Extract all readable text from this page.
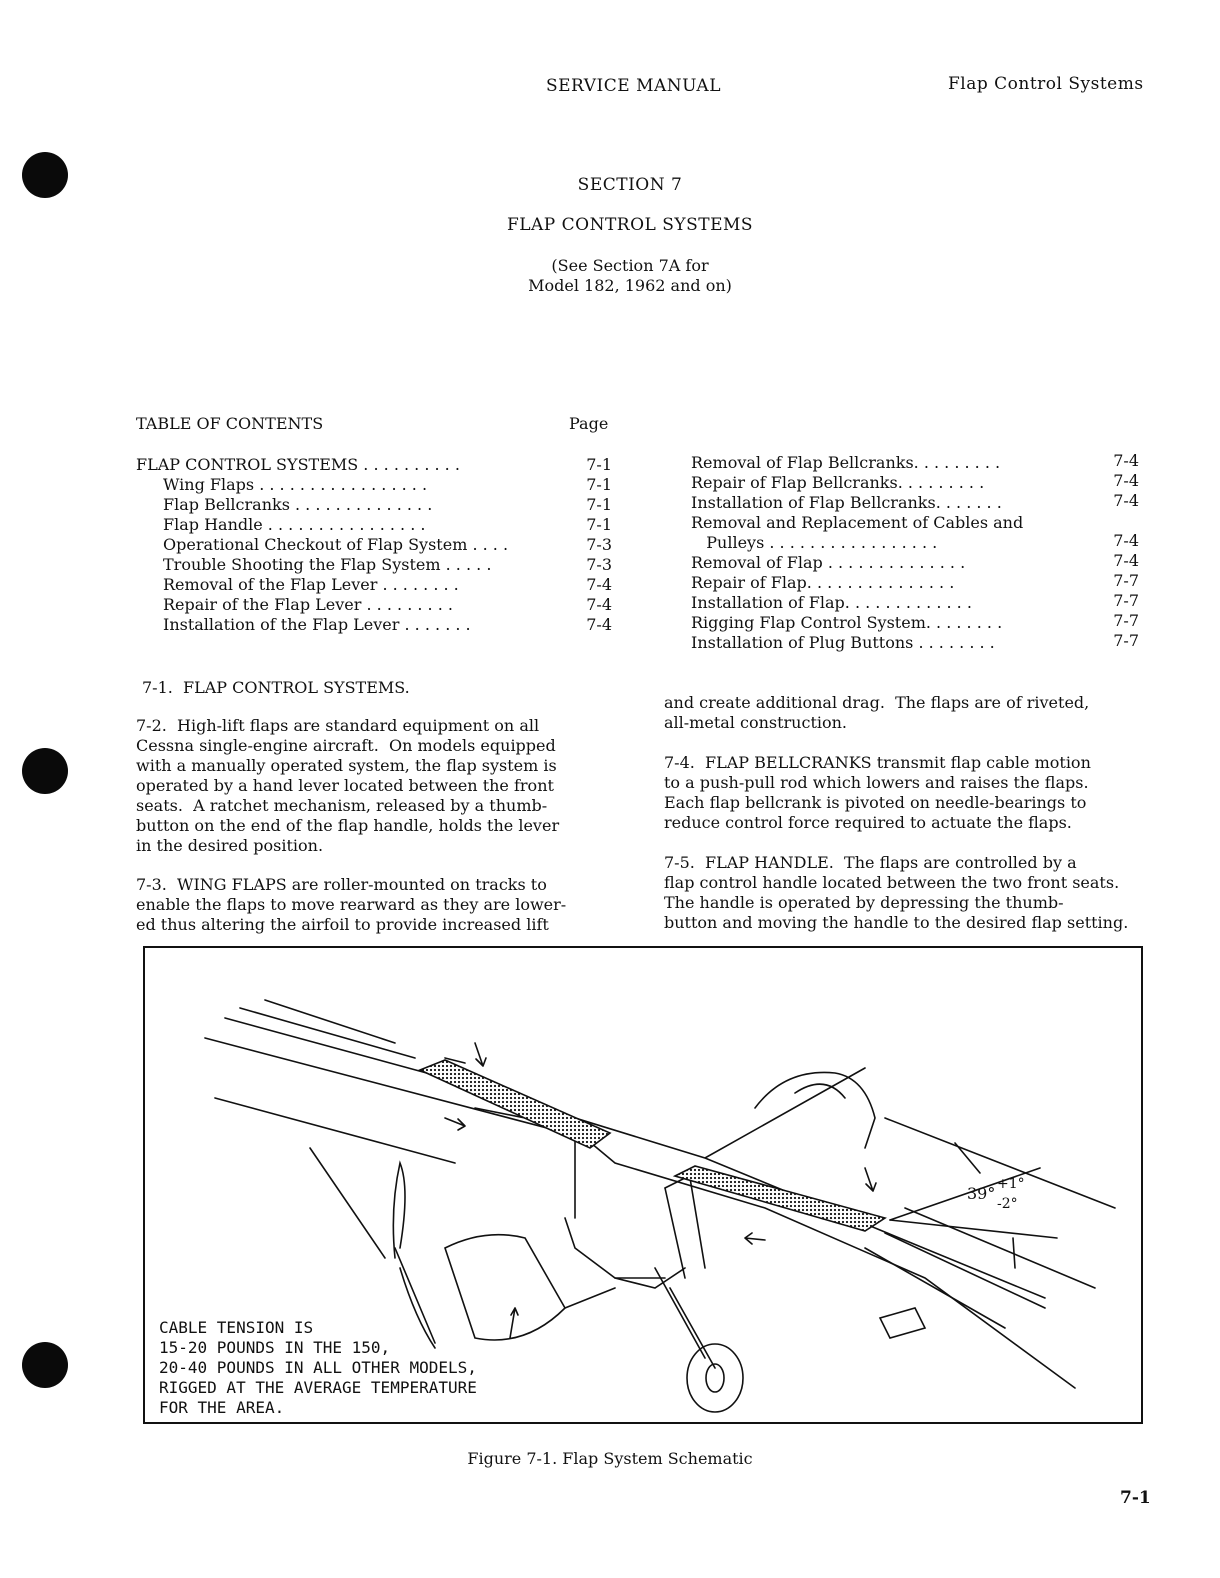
SERVICE MANUAL	Flap Control Systems
SECTION 7
FLAP CONTROL SYSTEMS
(See Section 7A for
Model 182, 1962 and on)
TABLE OF CONTENTS	Page
FLAP CONTROL SYSTEMS . . . . . . . . . .	7-1
Wing Flaps . . . . . . . . . . . . . . . . .	7-1
Flap Bellcranks . . . . . . . . . . . . . .	7-1
Flap Handle . . . . . . . . . . . . . . . .	7-1
Operational Checkout of Flap System . . . .	7-3
Trouble Shooting the Flap System . . . . .	7-3
Removal of the Flap Lever . . . . . . . .	7-4
Repair of the Flap Lever . . . . . . . . .	7-4
Installation of the Flap Lever . . . . . . .	7-4
Removal of Flap Bellcranks. . . . . . . . .	7-4
Repair of Flap Bellcranks. . . . . . . . .	7-4
Installation of Flap Bellcranks. . . . . . .	7-4
Removal and Replacement of Cables and
Pulleys . . . . . . . . . . . . . . . . .	7-4
Removal of Flap . . . . . . . . . . . . . .	7-4
Repair of Flap. . . . . . . . . . . . . . .	7-7
Installation of Flap. . . . . . . . . . . . .	7-7
Rigging Flap Control System. . . . . . . .	7-7
Installation of Plug Buttons . . . . . . . .	7-7
7-1.  FLAP CONTROL SYSTEMS.
7-2.  High-lift flaps are standard equipment on all
Cessna single-engine aircraft.  On models equipped
with a manually operated system, the flap system is
operated by a hand lever located between the front
seats.  A ratchet mechanism, released by a thumb-
button on the end of the flap handle, holds the lever
in the desired position.
7-3.  WING FLAPS are roller-mounted on tracks to
enable the flaps to move rearward as they are lower-
ed thus altering the airfoil to provide increased lift
and create additional drag.  The flaps are of riveted,
all-metal construction.
7-4.  FLAP BELLCRANKS transmit flap cable motion
to a push-pull rod which lowers and raises the flaps.
Each flap bellcrank is pivoted on needle-bearings to
reduce control force required to actuate the flaps.
7-5.  FLAP HANDLE.  The flaps are controlled by a
flap control handle located between the two front seats.
The handle is operated by depressing the thumb-
button and moving the handle to the desired flap setting.
39° +1°
-2°
CABLE TENSION IS
15-20 POUNDS IN THE 150,
20-40 POUNDS IN ALL OTHER MODELS,
RIGGED AT THE AVERAGE TEMPERATURE
FOR THE AREA.
Figure 7-1. Flap System Schematic
7-1
